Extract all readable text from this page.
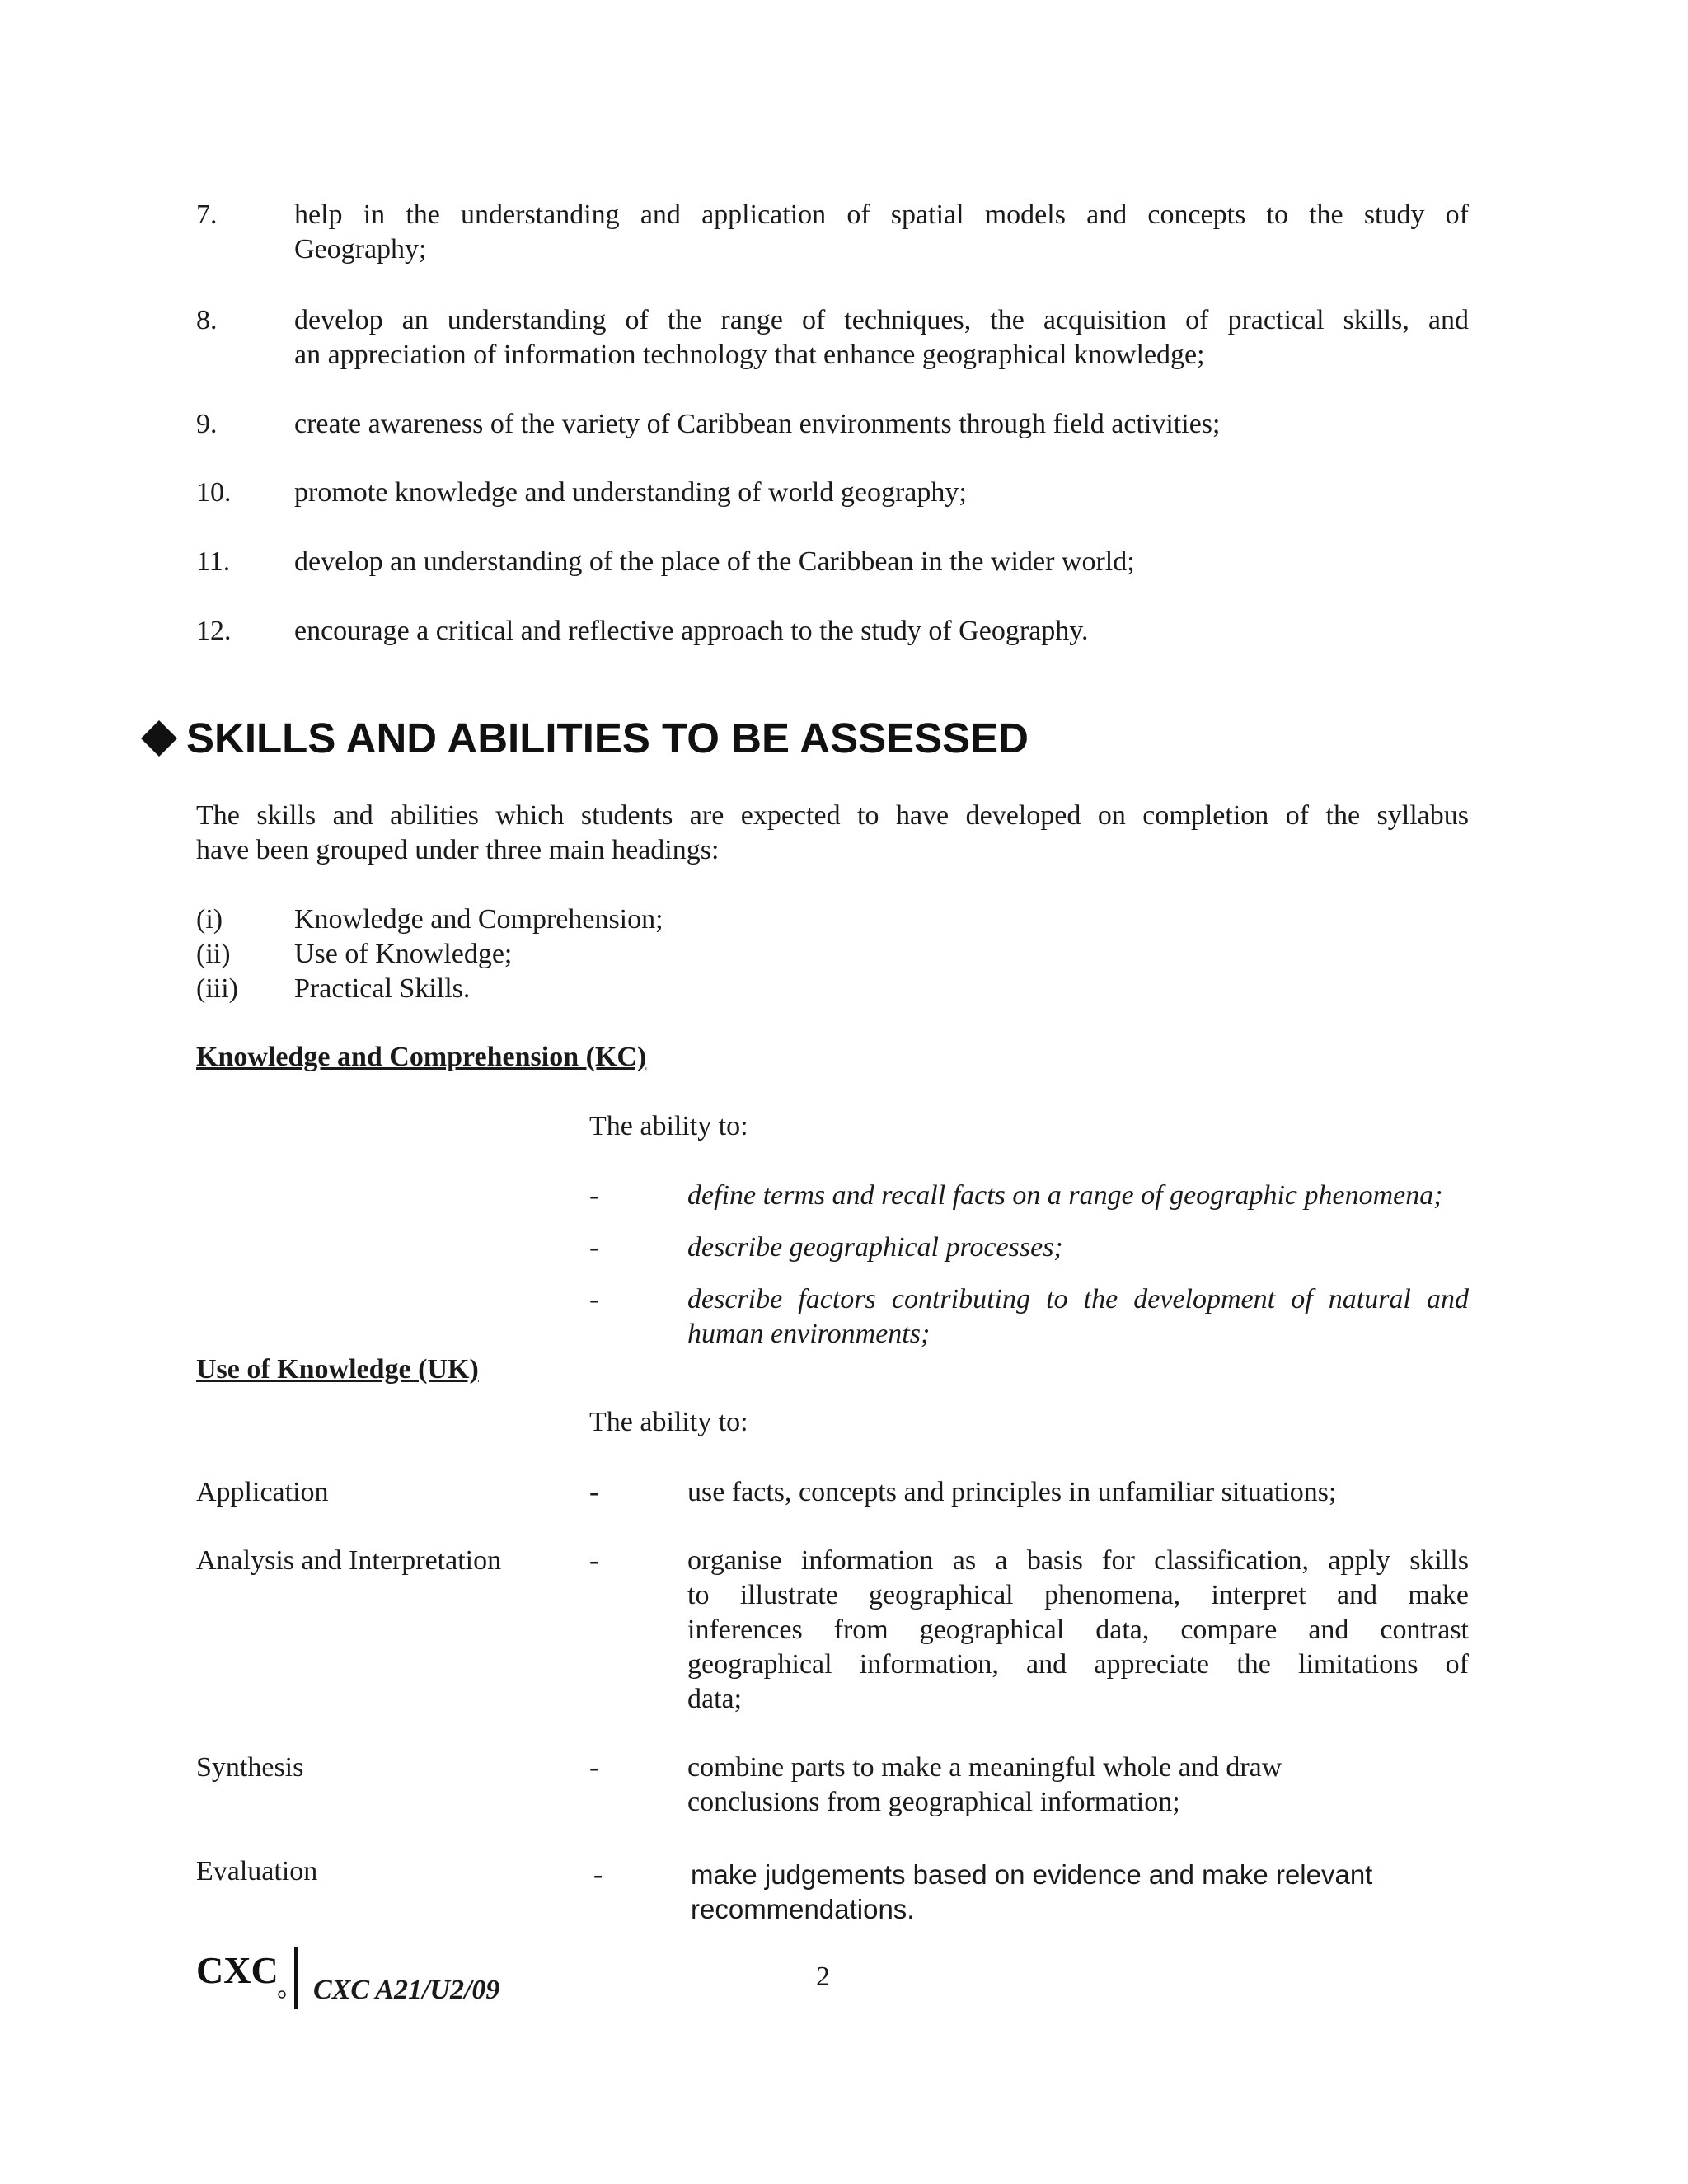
7.	help in the understanding and application of spatial models and concepts to the study of
Geography;
8.	develop an understanding of the range of techniques, the acquisition of practical skills, and
an appreciation of information technology that enhance geographical knowledge;
9.	create awareness of the variety of Caribbean environments through field activities;
10.	promote knowledge and understanding of world geography;
11.	develop an understanding of the place of the Caribbean in the wider world;
12.	encourage a critical and reflective approach to the study of Geography.
SKILLS AND ABILITIES TO BE ASSESSED
The skills and abilities which students are expected to have developed on completion of the syllabus
have been grouped under three main headings:
(i)	Knowledge and Comprehension;
(ii) Use of Knowledge;
(iii) Practical Skills.
Knowledge and Comprehension (KC)
The ability to:
-	define terms and recall facts on a range of geographic phenomena;
-	describe geographical processes;
-	describe factors contributing to the development of natural and
human environments;
Use of Knowledge (UK)
The ability to:
Application	-	use facts, concepts and principles in unfamiliar situations;
Analysis and Interpretation	-	organise information as a basis for classification, apply skills
to illustrate geographical phenomena, interpret and make
inferences from geographical data, compare and contrast
geographical information, and appreciate the limitations of
data;
Synthesis	-	combine parts to make a meaningful whole and draw
conclusions from geographical information;
Evaluation	-	make judgements based on evidence and make relevant
recommendations.
CXC CXC A21/U2/09	2
